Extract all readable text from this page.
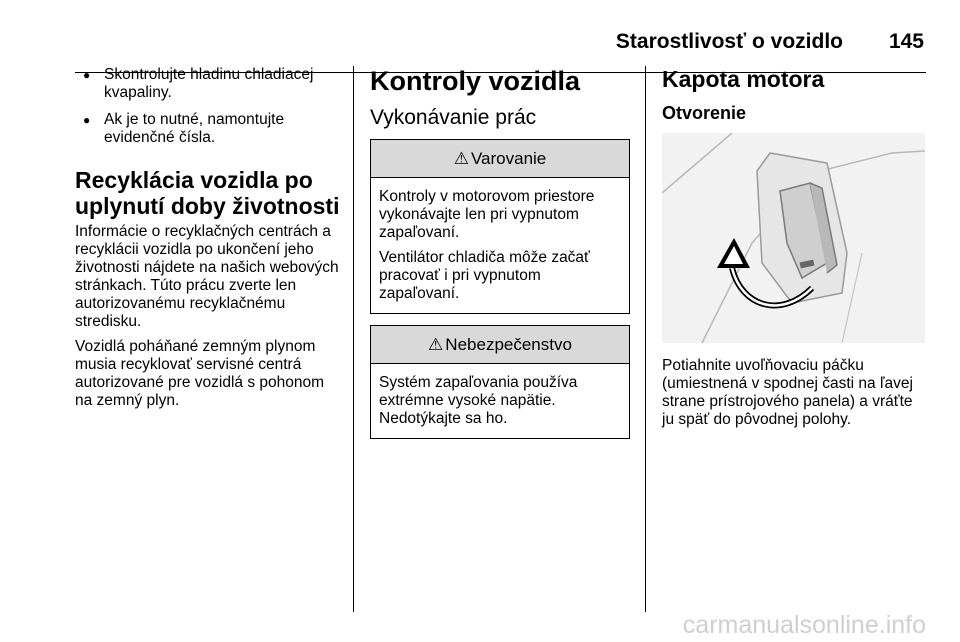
Starostlivosť o vozidlo 145
● Skontrolujte hladinu chladiacej kvapaliny.
● Ak je to nutné, namontujte evidenčné čísla.
Recyklácia vozidla po uplynutí doby životnosti

Informácie o recyklačných centrách a recyklácii vozidla po ukončení jeho životnosti nájdete na našich webových stránkach. Túto prácu zverte len autorizovanému recyklačnému stredisku.

Vozidlá poháňané zemným plynom musia recyklovať servisné centrá autorizované pre vozidlá s pohonom na zemný plyn.

Kontroly vozidla
Vykonávanie prác
⚠ Varovanie

Kontroly v motorovom priestore vykonávajte len pri vypnutom zapaľovaní.

Ventilátor chladiča môže začať pracovať i pri vypnutom zapaľovaní.

⚠ Nebezpečenstvo

Systém zapaľovania používa extrémne vysoké napätie. Nedotýkajte sa ho.

Kapota motora
Otvorenie

Potiahnite uvoľňovaciu páčku (umiestnená v spodnej časti na ľavej strane prístrojového panela) a vráťte ju späť do pôvodnej polohy.

carmanualsonline.info
